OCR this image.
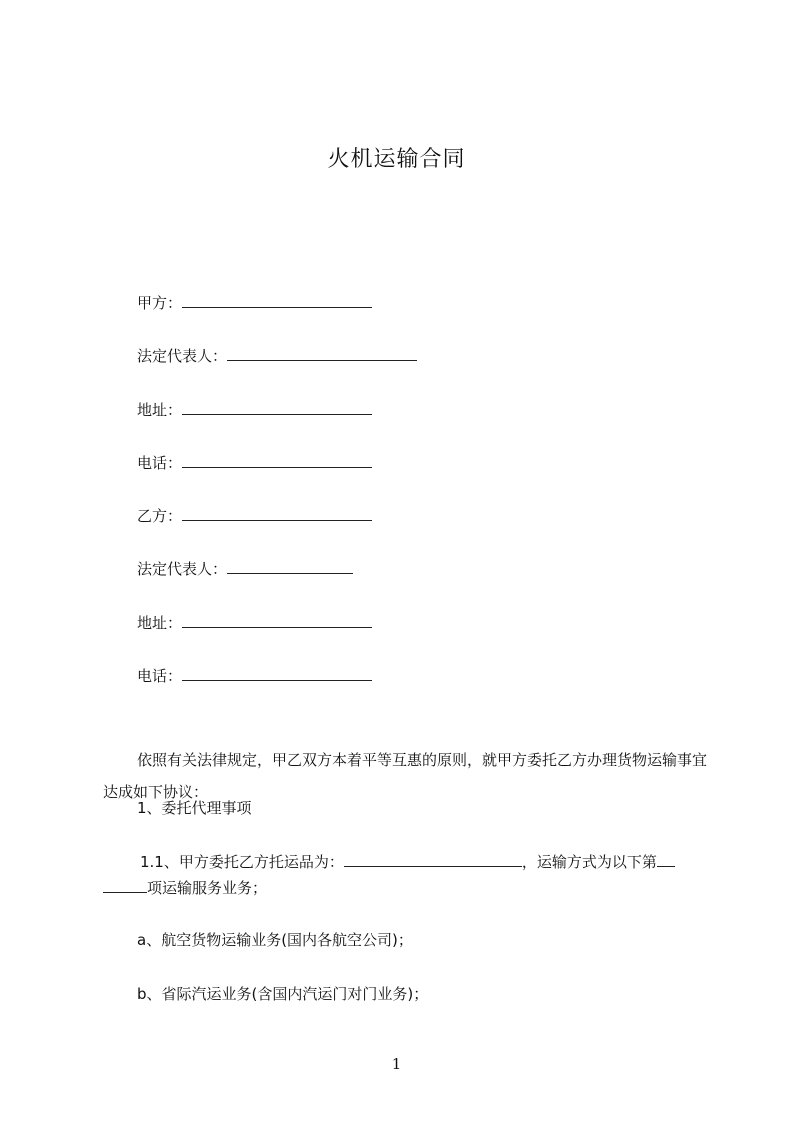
火机运输合同
甲方：
法定代表人：
地址：
电话：
乙方：
法定代表人：
地址：
电话：
依照有关法律规定，甲乙双方本着平等互惠的原则，就甲方委托乙方办理货物运输事宜达成如下协议：
1、委托代理事项
1.1、甲方委托乙方托运品为：	，运输方式为以下第
项运输服务业务；
a、航空货物运输业务(国内各航空公司)；
b、省际汽运业务(含国内汽运门对门业务)；
1
